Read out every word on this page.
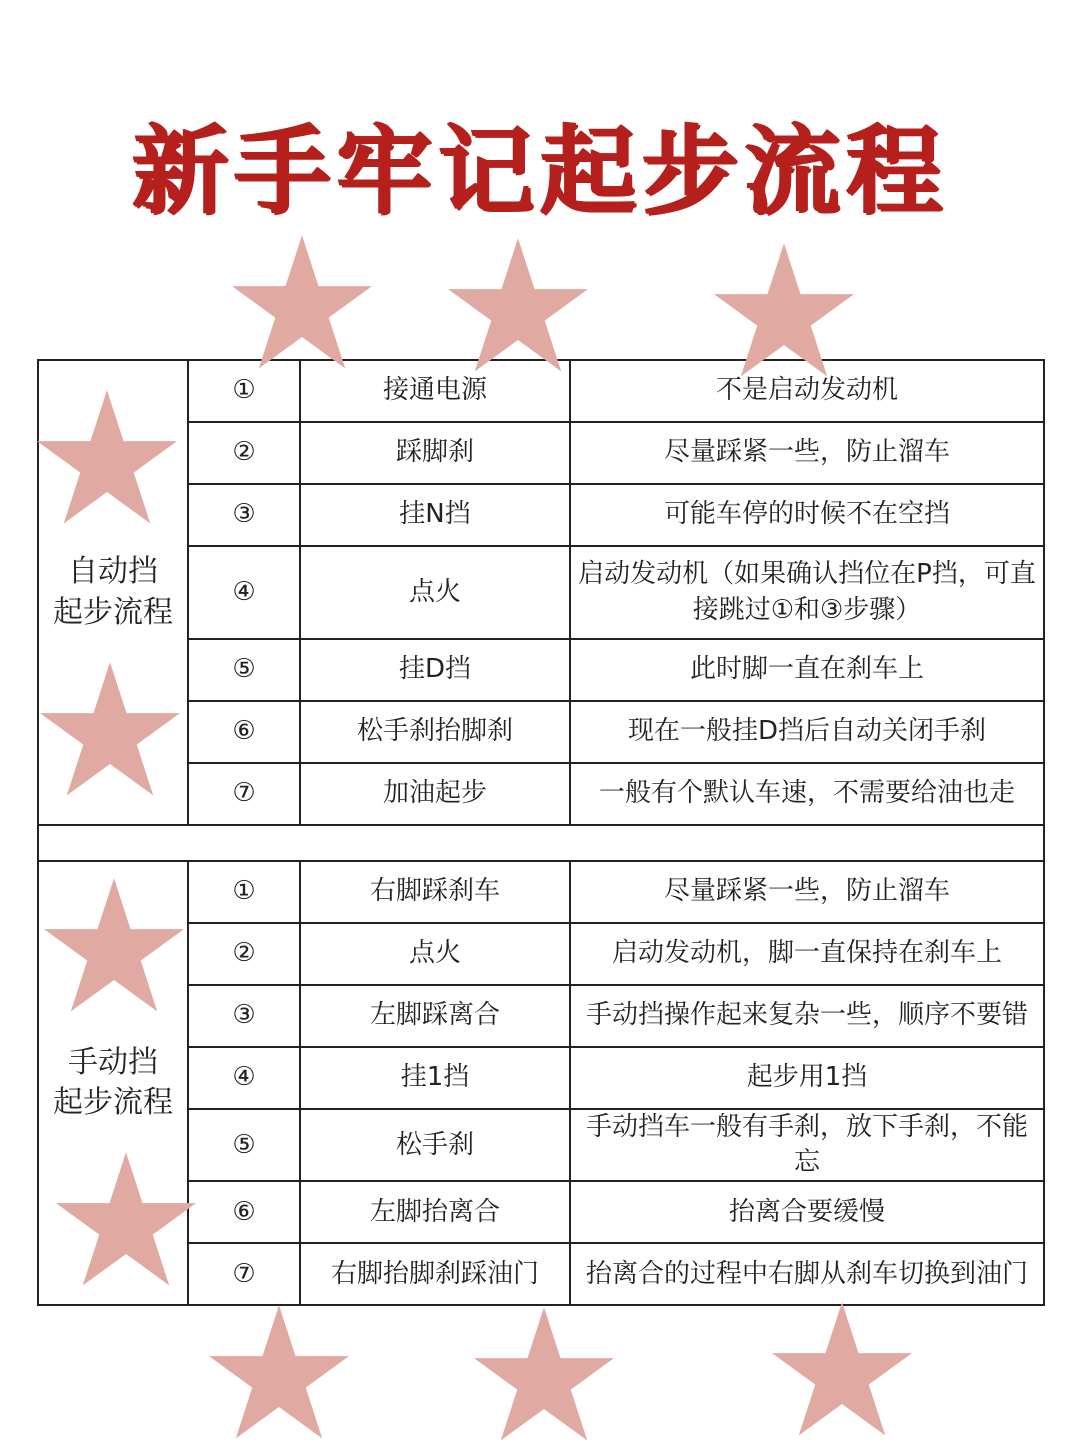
新手牢记起步流程
自动挡
起步流程	①	接通电源	不是启动发动机
	②	踩脚刹	尽量踩紧一些，防止溜车
	③	挂N挡	可能车停的时候不在空挡
	④	点火	启动发动机（如果确认挡位在P挡，可直接跳过①和③步骤）
	⑤	挂D挡	此时脚一直在刹车上
	⑥	松手刹抬脚刹	现在一般挂D挡后自动关闭手刹
	⑦	加油起步	一般有个默认车速，不需要给油也走

手动挡
起步流程	①	右脚踩刹车	尽量踩紧一些，防止溜车
	②	点火	启动发动机，脚一直保持在刹车上
	③	左脚踩离合	手动挡操作起来复杂一些，顺序不要错
	④	挂1挡	起步用1挡
	⑤	松手刹	手动挡车一般有手刹，放下手刹，不能忘
	⑥	左脚抬离合	抬离合要缓慢
	⑦	右脚抬脚刹踩油门	抬离合的过程中右脚从刹车切换到油门
